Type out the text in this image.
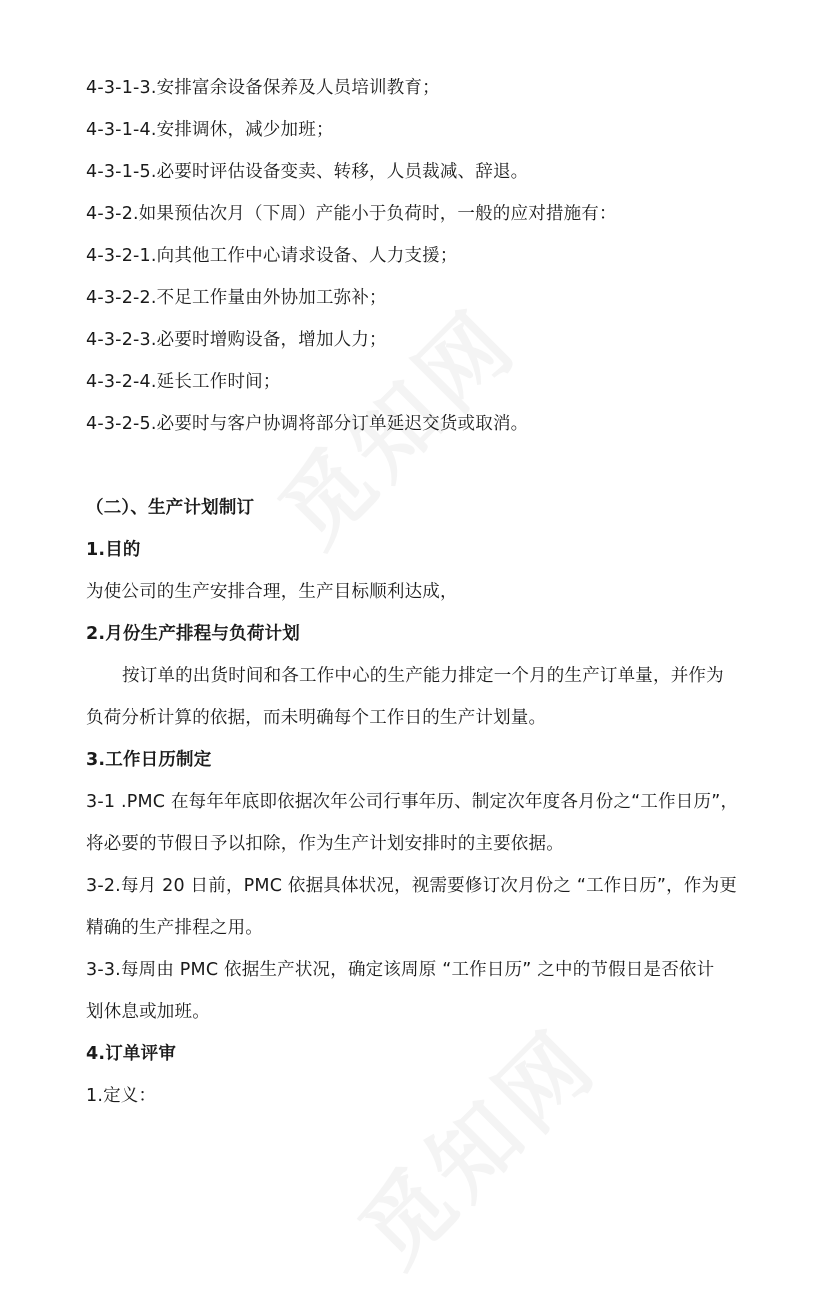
4-3-1-3.安排富余设备保养及人员培训教育；
4-3-1-4.安排调休，减少加班；
4-3-1-5.必要时评估设备变卖、转移，人员裁减、辞退。
4-3-2.如果预估次月（下周）产能小于负荷时，一般的应对措施有：
4-3-2-1.向其他工作中心请求设备、人力支援；
4-3-2-2.不足工作量由外协加工弥补；
4-3-2-3.必要时增购设备，增加人力；
4-3-2-4.延长工作时间；
4-3-2-5.必要时与客户协调将部分订单延迟交货或取消。
（二）、生产计划制订
1.目的
为使公司的生产安排合理，生产目标顺利达成，
2.月份生产排程与负荷计划
按订单的出货时间和各工作中心的生产能力排定一个月的生产订单量，并作为
负荷分析计算的依据，而未明确每个工作日的生产计划量。
3.工作日历制定
3-1 .PMC 在每年年底即依据次年公司行事年历、制定次年度各月份之“工作日历”，
将必要的节假日予以扣除，作为生产计划安排时的主要依据。
3-2.每月 20 日前，PMC 依据具体状况，视需要修订次月份之 “工作日历”，作为更
精确的生产排程之用。
3-3.每周由 PMC 依据生产状况，确定该周原 “工作日历” 之中的节假日是否依计
划休息或加班。
4.订单评审
1.定义：
